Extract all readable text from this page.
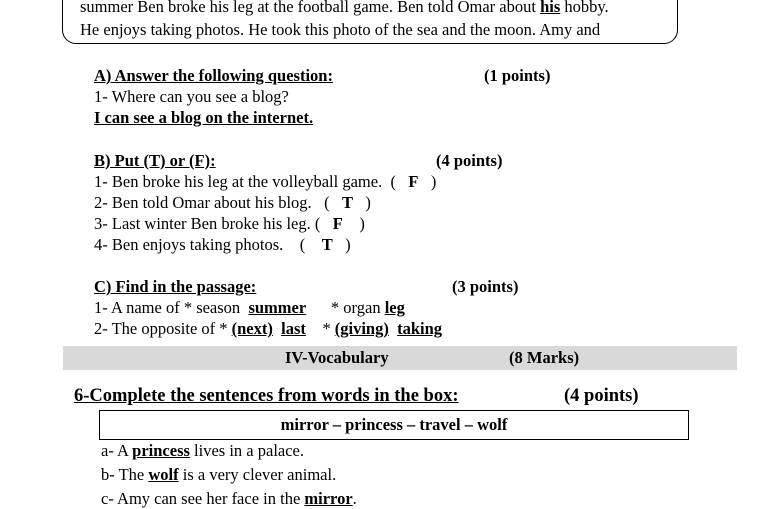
summer Ben broke his leg at the football game. Ben told Omar about his hobby.
He enjoys taking photos. He took this photo of the sea and the moon. Amy and
A) Answer the following question:	(1 points)
1- Where can you see a blog?
I can see a blog on the internet.
B) Put (T) or (F):	(4 points)
1- Ben broke his leg at the volleyball game. ( F )
2- Ben told Omar about his blog. ( T )
3- Last winter Ben broke his leg. ( F )
4- Ben enjoys taking photos. ( T )
C) Find in the passage:	(3 points)
1- A name of * season summer * organ leg
2- The opposite of * (next) last * (giving) taking
IV-Vocabulary	(8 Marks)
6-Complete the sentences from words in the box:	(4 points)
mirror – princess – travel – wolf
a- A princess lives in a palace.
b- The wolf is a very clever animal.
c- Amy can see her face in the mirror.
